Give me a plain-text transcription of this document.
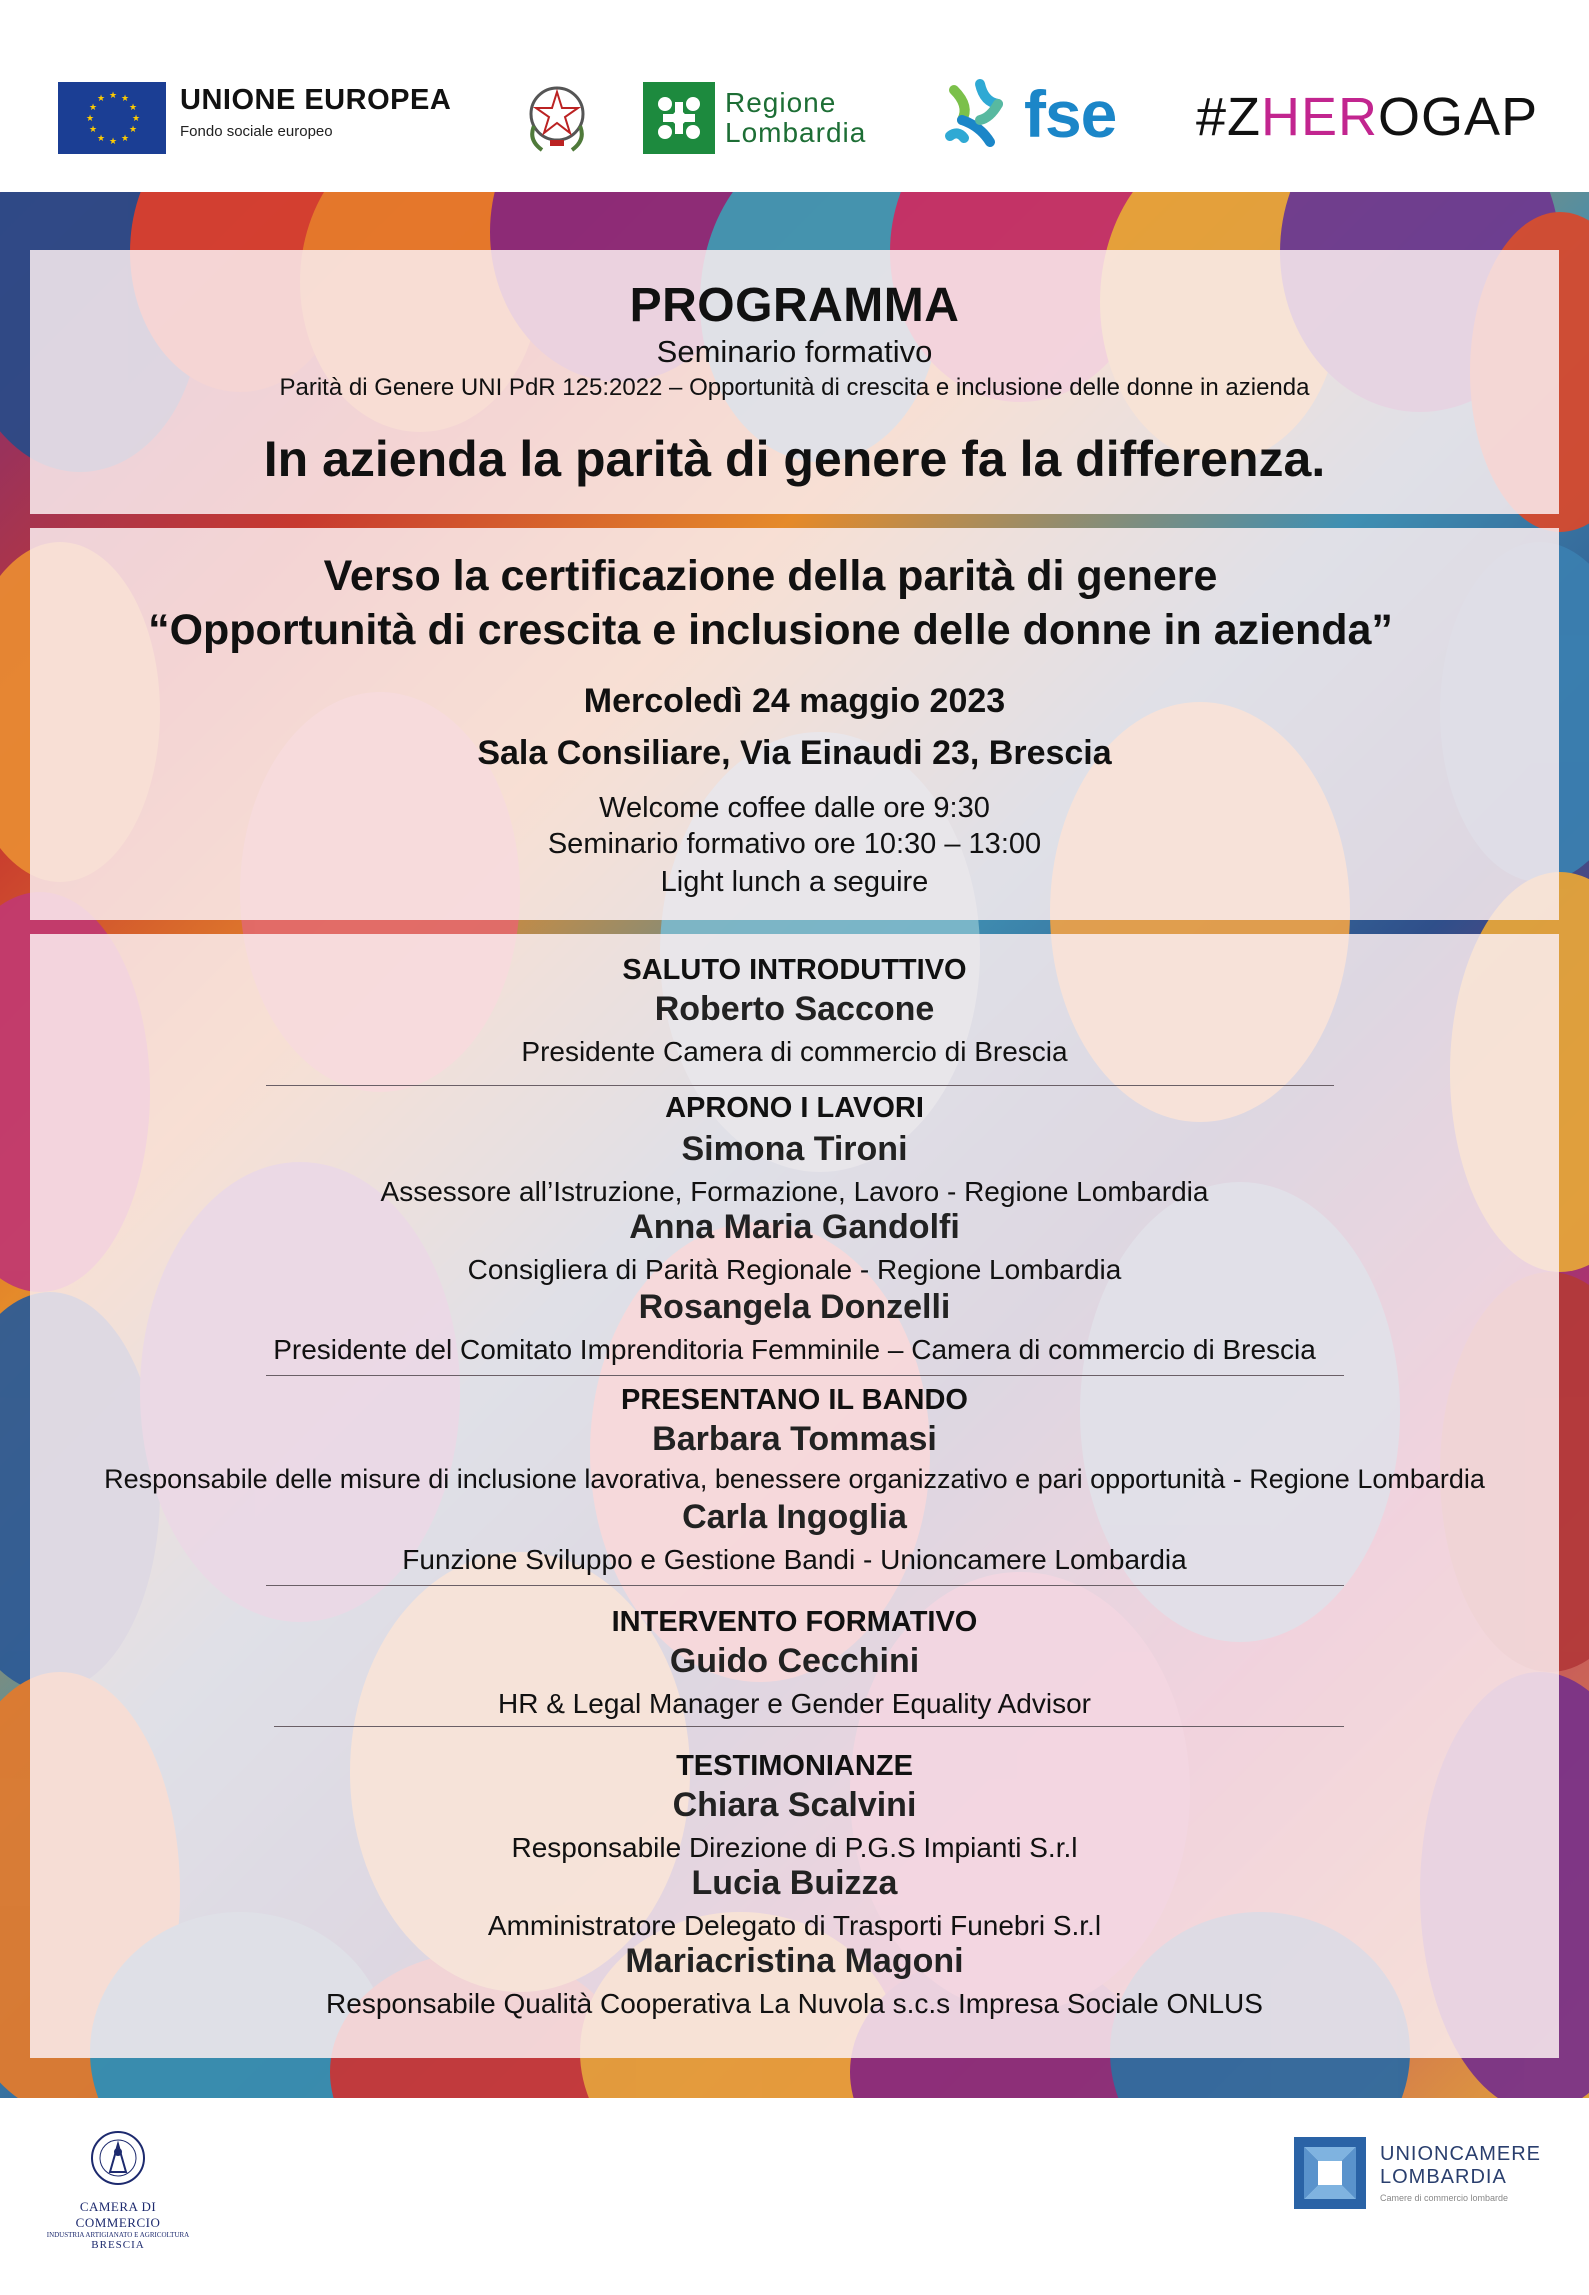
★ ★
★
★
★
★
★
★
★
★
★
★	UNIONE EUROPEA
Fondo sociale europeo
Regione
Lombardia fse #ZHEROGAP
PROGRAMMA
Seminario formativo
Parità di Genere UNI PdR 125:2022 – Opportunità di crescita e inclusione delle donne in azienda
In azienda la parità di genere fa la differenza.
Verso la certificazione della parità di genere
“Opportunità di crescita e inclusione delle donne in azienda”
Mercoledì 24 maggio 2023
Sala Consiliare, Via Einaudi 23, Brescia
Welcome coffee dalle ore 9:30
Seminario formativo ore 10:30 – 13:00
Light lunch a seguire
SALUTO INTRODUTTIVO
Roberto Saccone
Presidente Camera di commercio di Brescia
APRONO I LAVORI
Simona Tironi
Assessore all’Istruzione, Formazione, Lavoro - Regione Lombardia
Anna Maria Gandolfi
Consigliera di Parità Regionale - Regione Lombardia
Rosangela Donzelli
Presidente del Comitato Imprenditoria Femminile – Camera di commercio di Brescia
PRESENTANO IL BANDO
Barbara Tommasi
Responsabile delle misure di inclusione lavorativa, benessere organizzativo e pari opportunità - Regione Lombardia
Carla Ingoglia
Funzione Sviluppo e Gestione Bandi - Unioncamere Lombardia
INTERVENTO FORMATIVO
Guido Cecchini
HR & Legal Manager e Gender Equality Advisor
TESTIMONIANZE
Chiara Scalvini
Responsabile Direzione di P.G.S Impianti S.r.l
Lucia Buizza
Amministratore Delegato di Trasporti Funebri S.r.l
Mariacristina Magoni
Responsabile Qualità Cooperativa La Nuvola s.c.s Impresa Sociale ONLUS
CAMERA DI COMMERCIO
INDUSTRIA ARTIGIANATO E AGRICOLTURA
BRESCIA
UNIONCAMERE
LOMBARDIA
Camere di commercio lombarde
